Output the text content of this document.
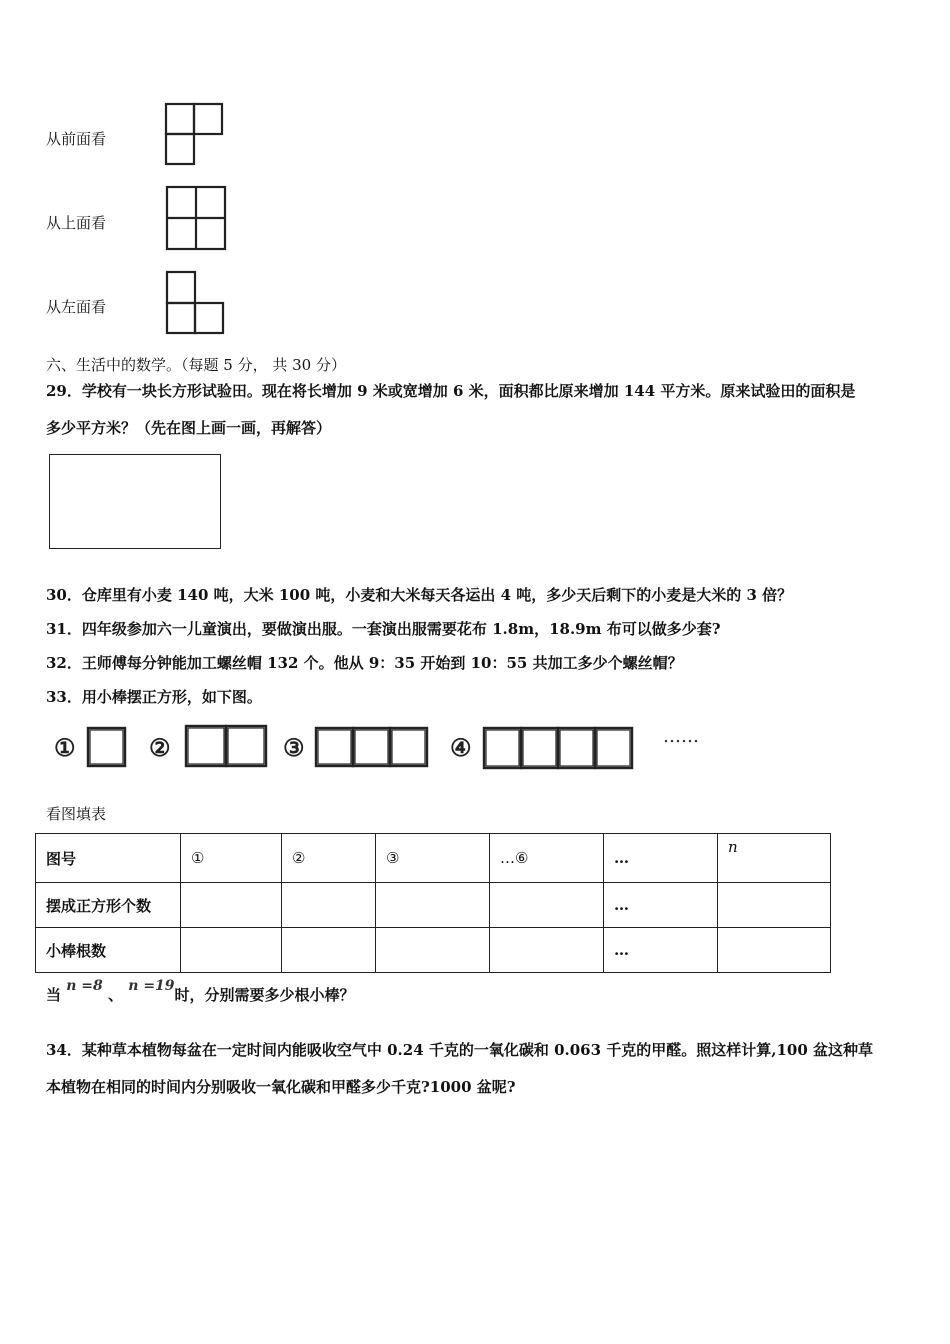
从前面看
从上面看
从左面看
六、生活中的数学。（每题 5 分， 共 30 分）
29．学校有一块长方形试验田。现在将长增加 9 米或宽增加 6 米，面积都比原来增加 144 平方米。原来试验田的面积是
多少平方米？（先在图上画一画，再解答）
30．仓库里有小麦 140 吨，大米 100 吨，小麦和大米每天各运出 4 吨，多少天后剩下的小麦是大米的 3 倍？
31．四年级参加六一儿童演出，要做演出服。一套演出服需要花布 1.8m，18.9m 布可以做多少套?
32．王师傅每分钟能加工螺丝帽 132 个。他从 9：35 开始到 10：55 共加工多少个螺丝帽？
33．用小棒摆正方形，如下图。
①	②	③	④	……
看图填表
图号	①	②	③	…⑥	…	n
摆成正方形个数					…	
小棒根数					…	
当 n =8 、 n =19时，分别需要多少根小棒？
34．某种草本植物每盆在一定时间内能吸收空气中 0.24 千克的一氧化碳和 0.063 千克的甲醛。照这样计算,100 盆这种草
本植物在相同的时间内分别吸收一氧化碳和甲醛多少千克?1000 盆呢?
